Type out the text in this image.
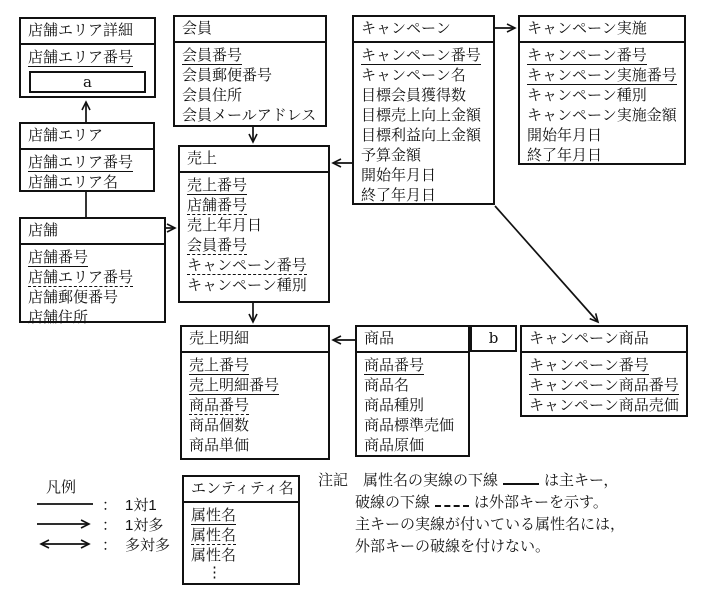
店舗エリア詳細
店舗エリア番号
a
店舗エリア
店舗エリア番号
店舗エリア名
店舗
店舗番号
店舗エリア番号
店舗郵便番号
店舗住所
会員
会員番号
会員郵便番号
会員住所
会員メールアドレス
売上
売上番号
店舗番号
売上年月日
会員番号
キャンペーン番号
キャンペーン種別
キャンペーン
キャンペーン番号
キャンペーン名
目標会員獲得数
目標売上向上金額
目標利益向上金額
予算金額
開始年月日
終了年月日
キャンペーン実施
キャンペーン番号
キャンペーン実施番号
キャンペーン種別
キャンペーン実施金額
開始年月日
終了年月日
売上明細
売上番号
売上明細番号
商品番号
商品個数
商品単価
商品
商品番号
商品名
商品種別
商品標準売価
商品原価
キャンペーン商品
キャンペーン番号
キャンペーン商品番号
キャンペーン商品売価
エンティティ名
属性名
属性名
属性名
⋮
b
凡例
： 1対1
： 1対多
： 多対多
注記 属性名の実線の下線	は主キー，
破線の下線	は外部キーを示す。
主キーの実線が付いている属性名には，
外部キーの破線を付けない。
